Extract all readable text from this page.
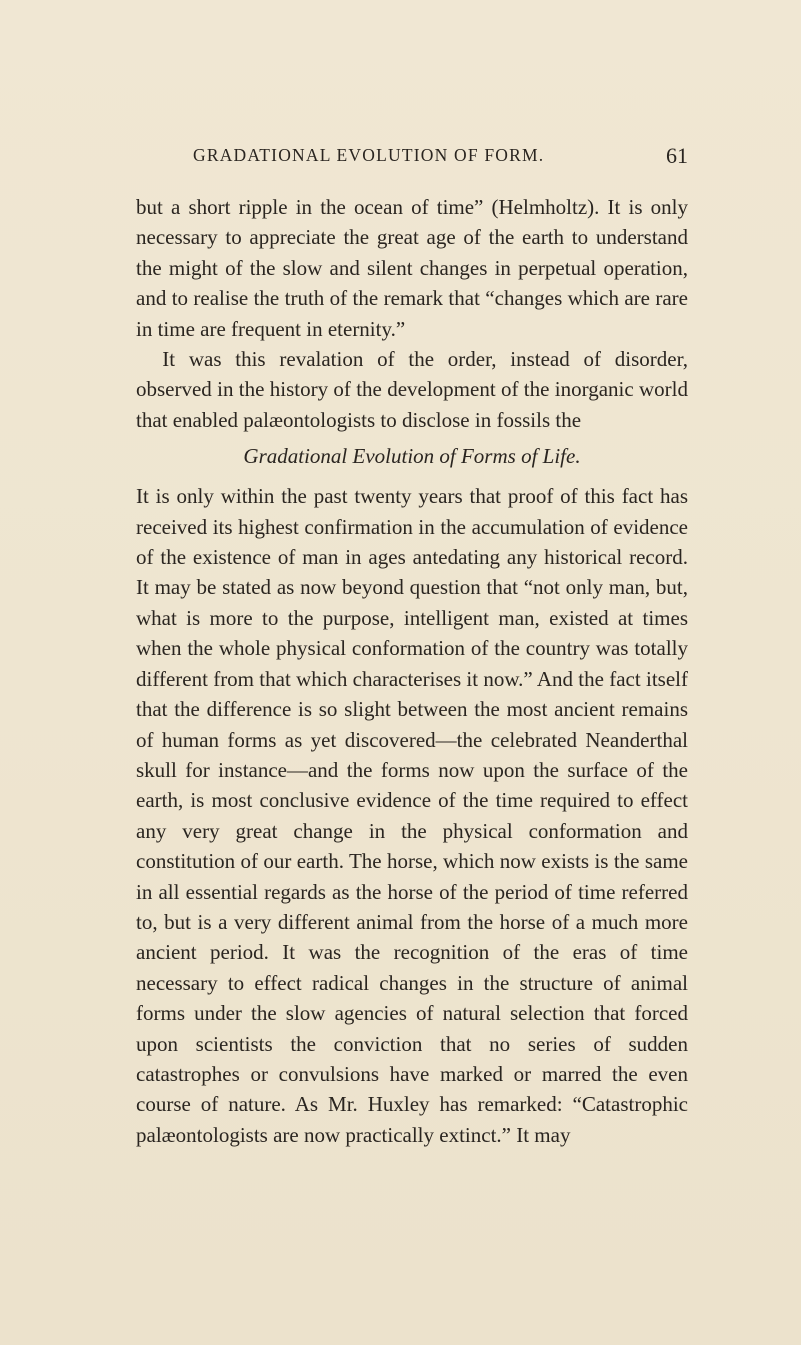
GRADATIONAL EVOLUTION OF FORM.	61

but a short ripple in the ocean of time” (Helmholtz). It is only necessary to appreciate the great age of the earth to understand the might of the slow and silent changes in perpetual operation, and to realise the truth of the remark that “changes which are rare in time are frequent in eternity.”

It was this revalation of the order, instead of disorder, observed in the history of the development of the inorganic world that enabled palæontologists to disclose in fossils the

Gradational Evolution of Forms of Life.

It is only within the past twenty years that proof of this fact has received its highest confirmation in the accumulation of evidence of the existence of man in ages antedating any historical record. It may be stated as now beyond question that “not only man, but, what is more to the purpose, intelligent man, existed at times when the whole physical conformation of the country was totally different from that which characterises it now.” And the fact itself that the difference is so slight between the most ancient remains of human forms as yet discovered—the celebrated Neanderthal skull for instance—and the forms now upon the surface of the earth, is most conclusive evidence of the time required to effect any very great change in the physical conformation and constitution of our earth. The horse, which now exists is the same in all essential regards as the horse of the period of time referred to, but is a very different animal from the horse of a much more ancient period. It was the recognition of the eras of time necessary to effect radical changes in the structure of animal forms under the slow agencies of natural selection that forced upon scientists the conviction that no series of sudden catastrophes or convulsions have marked or marred the even course of nature. As Mr. Huxley has remarked: “Catastrophic palæontologists are now practically extinct.” It may
